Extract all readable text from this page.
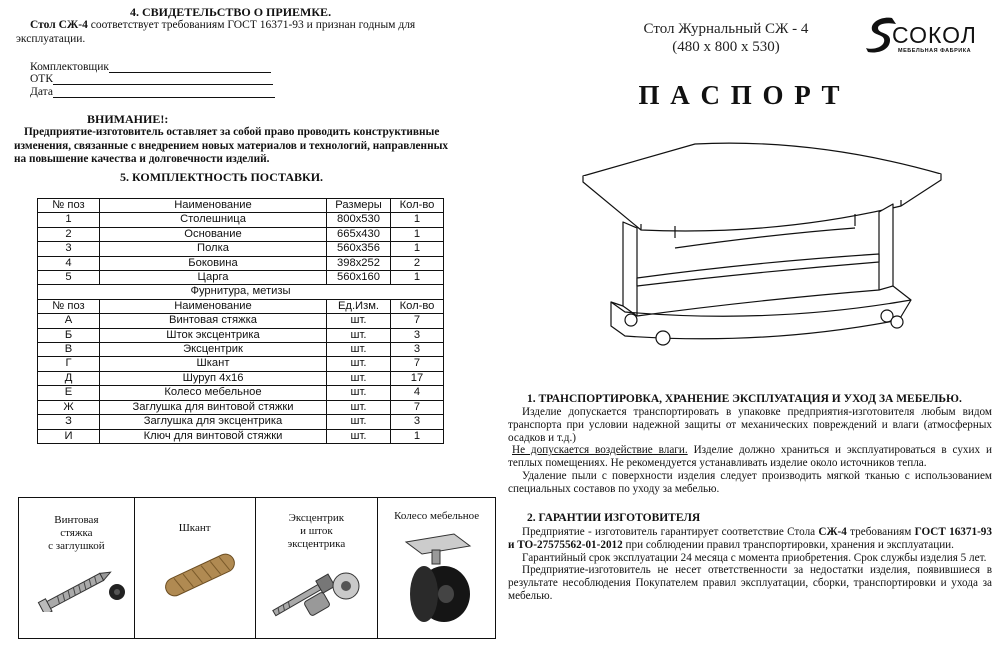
4. СВИДЕТЕЛЬСТВО О ПРИЕМКЕ.
Стол СЖ-4 соответствует требованиям ГОСТ 16371-93 и признан годным для
эксплуатации.
Комплектовщик
ОТК
Дата
ВНИМАНИЕ!:
Предприятие-изготовитель оставляет за собой право проводить конструктивные
изменения, связанные с внедрением новых материалов и технологий, направленных
на повышение качества и долговечности изделий.
5. КОМПЛЕКТНОСТЬ ПОСТАВКИ.
№ поз	Наименование	Размеры	Кол-во
1	Столешница	800х530	1
2	Основание	665х430	1
3	Полка	560х356	1
4	Боковина	398х252	2
5	Царга	560х160	1
Фурнитура, метизы			
№ поз	Наименование	Ед.Изм.	Кол-во
А	Винтовая стяжка	шт.	7
Б	Шток эксцентрика	шт.	3
В	Эксцентрик	шт.	3
Г	Шкант	шт.	7
Д	Шуруп 4х16	шт.	17
Е	Колесо мебельное	шт.	4
Ж	Заглушка для винтовой стяжки	шт.	7
З	Заглушка для эксцентрика	шт.	3
И	Ключ для винтовой стяжки	шт.	1
Винтовая
стяжка
с заглушкой
Шкант
Эксцентрик
и шток
эксцентрика
Колесо мебельное
Стол Журнальный СЖ - 4
(480 х 800 х 530)	СОКОЛ
МЕБЕЛЬНАЯ ФАБРИКА
П А С П О Р Т
1. ТРАНСПОРТИРОВКА, ХРАНЕНИЕ ЭКСПЛУАТАЦИЯ И УХОД ЗА МЕБЕЛЬЮ.

Изделие допускается транспортировать в упаковке предприятия-изготовителя любым видом транспорта при условии надежной защиты от механических повреждений и влаги (атмосферных осадков и т.д.)

Не допускается воздействие влаги. Изделие должно храниться и эксплуатироваться в сухих и теплых помещениях. Не рекомендуется устанавливать изделие около источников тепла.

Удаление пыли с поверхности изделия следует производить мягкой тканью с использованием специальных составов по уходу за мебелью.

2. ГАРАНТИИ ИЗГОТОВИТЕЛЯ

Предприятие - изготовитель гарантирует соответствие Стола СЖ-4 требованиям ГОСТ 16371-93 и ТО-27575562-01-2012 при соблюдении правил транспортировки, хранения и эксплуатации.

Гарантийный срок эксплуатации 24 месяца с момента приобретения. Срок службы изделия 5 лет.

Предприятие-изготовитель не несет ответственности за недостатки изделия, появившиеся в результате несоблюдения Покупателем правил эксплуатации, сборки, транспортировки и ухода за мебелью.
